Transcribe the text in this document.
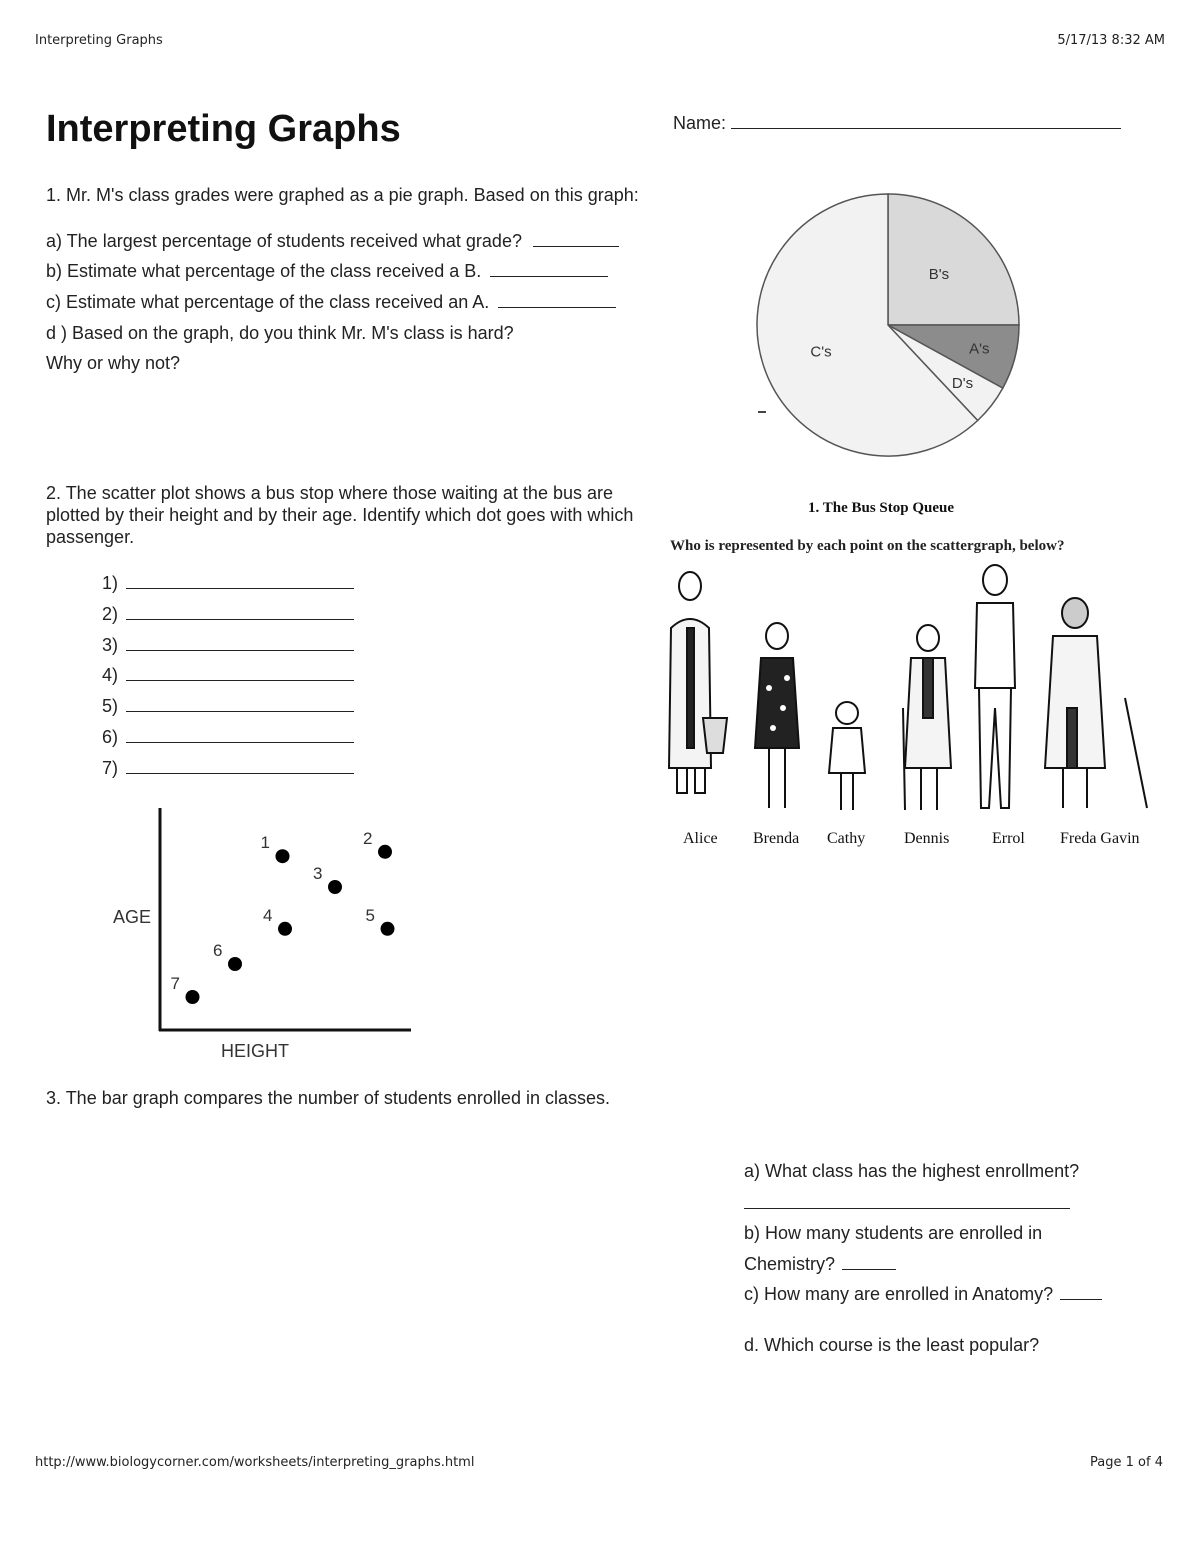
Interpreting Graphs	5/17/13 8:32 AM
Interpreting Graphs	Name:
1. Mr. M's class grades were graphed as a pie graph. Based on this graph:
a) The largest percentage of students received what grade?
b) Estimate what percentage of the class received a B.
c) Estimate what percentage of the class received an A.
d ) Based on the graph, do you think Mr. M's class is hard?
Why or why not?
B's
A's
D's
C's
2. The scatter plot shows a bus stop where those waiting at the bus are plotted by their height and by their age. Identify which dot goes with which passenger.
1)
2)
3)
4)
5)
6)
7)
AGE
HEIGHT
1	2
3
4	5
6
7
1. The Bus Stop Queue
Who is represented by each point on the scattergraph, below?
Alice Brenda Cathy Dennis	Errol Freda Gavin
3. The bar graph compares the number of students enrolled in classes.
a) What class has the highest enrollment?
b) How many students are enrolled in
Chemistry?
c) How many are enrolled in Anatomy?
d. Which course is the least popular?
http://www.biologycorner.com/worksheets/interpreting_graphs.html	Page 1 of 4
